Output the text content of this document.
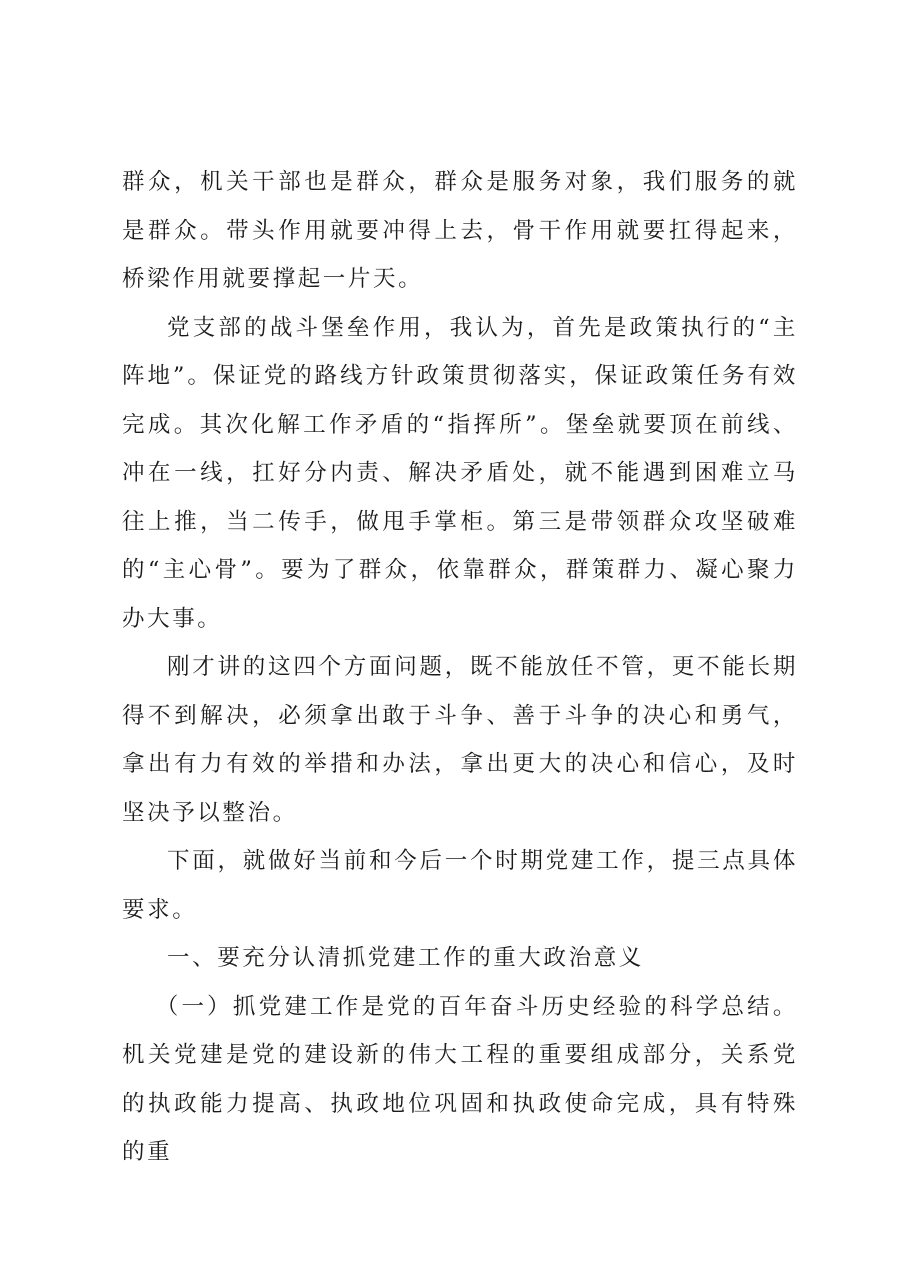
群众，机关干部也是群众，群众是服务对象，我们服务的就是群众。带头作用就要冲得上去，骨干作用就要扛得起来，桥梁作用就要撑起一片天。

党支部的战斗堡垒作用，我认为，首先是政策执行的“主阵地”。保证党的路线方针政策贯彻落实，保证政策任务有效完成。其次化解工作矛盾的“指挥所”。堡垒就要顶在前线、冲在一线，扛好分内责、解决矛盾处，就不能遇到困难立马往上推，当二传手，做甩手掌柜。第三是带领群众攻坚破难的“主心骨”。要为了群众，依靠群众，群策群力、凝心聚力办大事。

刚才讲的这四个方面问题，既不能放任不管，更不能长期得不到解决，必须拿出敢于斗争、善于斗争的决心和勇气，拿出有力有效的举措和办法，拿出更大的决心和信心，及时坚决予以整治。

下面，就做好当前和今后一个时期党建工作，提三点具体要求。

一、要充分认清抓党建工作的重大政治意义

（一）抓党建工作是党的百年奋斗历史经验的科学总结。机关党建是党的建设新的伟大工程的重要组成部分，关系党的执政能力提高、执政地位巩固和执政使命完成，具有特殊的重
